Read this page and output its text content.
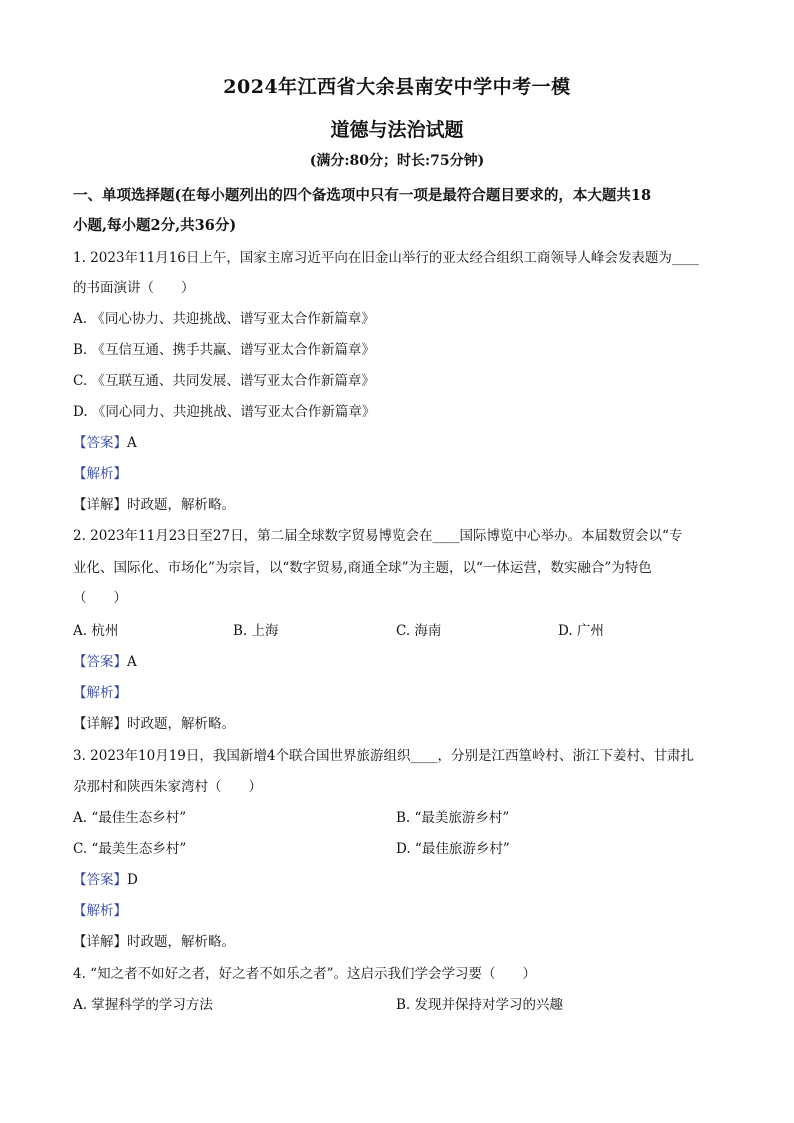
2024年江西省大余县南安中学中考一模
道德与法治试题
(满分:80分；时长:75分钟)
一、单项选择题(在每小题列出的四个备选项中只有一项是最符合题目要求的，本大题共18
小题,每小题2分,共36分)
1. 2023年11月16日上午，国家主席习近平向在旧金山举行的亚太经合组织工商领导人峰会发表题为____
的书面演讲（　　）
A. 《同心协力、共迎挑战、谱写亚太合作新篇章》
B. 《互信互通、携手共赢、谱写亚太合作新篇章》
C. 《互联互通、共同发展、谱写亚太合作新篇章》
D. 《同心同力、共迎挑战、谱写亚太合作新篇章》
【答案】A
【解析】
【详解】时政题，解析略。
2. 2023年11月23日至27日，第二届全球数字贸易博览会在____国际博览中心举办。本届数贸会以“专
业化、国际化、市场化”为宗旨，以“数字贸易,商通全球”为主题，以“一体运营，数实融合”为特色
（　　）
A. 杭州	B. 上海	C. 海南	D. 广州
【答案】A
【解析】
【详解】时政题，解析略。
3. 2023年10月19日，我国新增4个联合国世界旅游组织____，分别是江西篁岭村、浙江下姜村、甘肃扎
尕那村和陕西朱家湾村（　　）
A. “最佳生态乡村”	B. “最美旅游乡村”
C. “最美生态乡村”	D. “最佳旅游乡村”
【答案】D
【解析】
【详解】时政题，解析略。
4. “知之者不如好之者，好之者不如乐之者”。这启示我们学会学习要（　　）
A. 掌握科学的学习方法	B. 发现并保持对学习的兴趣
